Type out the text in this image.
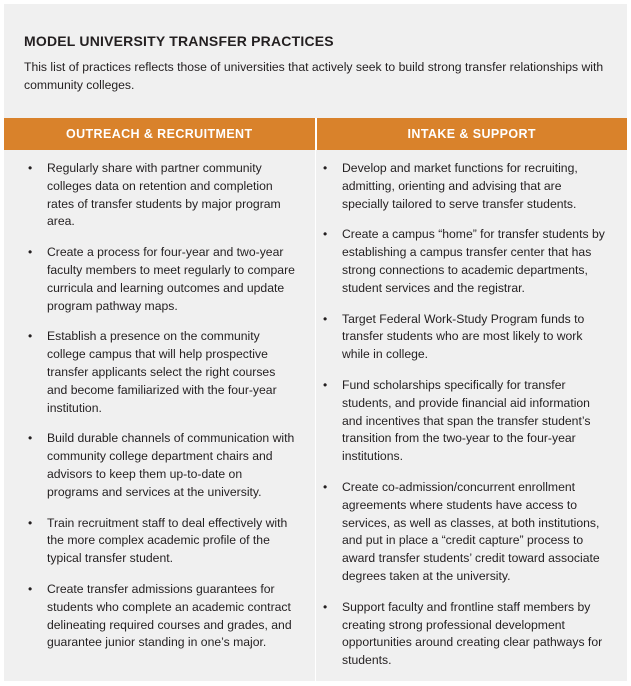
MODEL UNIVERSITY TRANSFER PRACTICES

This list of practices reflects those of universities that actively seek to build strong transfer relationships with community colleges.

OUTREACH & RECRUITMENT	INTAKE & SUPPORT
• Regularly share with partner community colleges data on retention and completion rates of transfer students by major program area.
• Create a process for four-year and two-year faculty members to meet regularly to compare curricula and learning outcomes and update program pathway maps.
• Establish a presence on the community college campus that will help prospective transfer applicants select the right courses and become familiarized with the four-year institution.
• Build durable channels of communication with community college department chairs and advisors to keep them up-to-date on programs and services at the university.
• Train recruitment staff to deal effectively with the more complex academic profile of the typical transfer student.
• Create transfer admissions guarantees for students who complete an academic contract delineating required courses and grades, and guarantee junior standing in one’s major.
• Develop and market functions for recruiting, admitting, orienting and advising that are specially tailored to serve transfer students.
• Create a campus “home” for transfer students by establishing a campus transfer center that has strong connections to academic departments, student services and the registrar.
• Target Federal Work-Study Program funds to transfer students who are most likely to work while in college.
• Fund scholarships specifically for transfer students, and provide financial aid information and incentives that span the transfer student’s transition from the two-year to the four-year institutions.
• Create co-admission/concurrent enrollment agreements where students have access to services, as well as classes, at both institutions, and put in place a “credit capture” process to award transfer students’ credit toward associate degrees taken at the university.
• Support faculty and frontline staff members by creating strong professional development opportunities around creating clear pathways for students.
